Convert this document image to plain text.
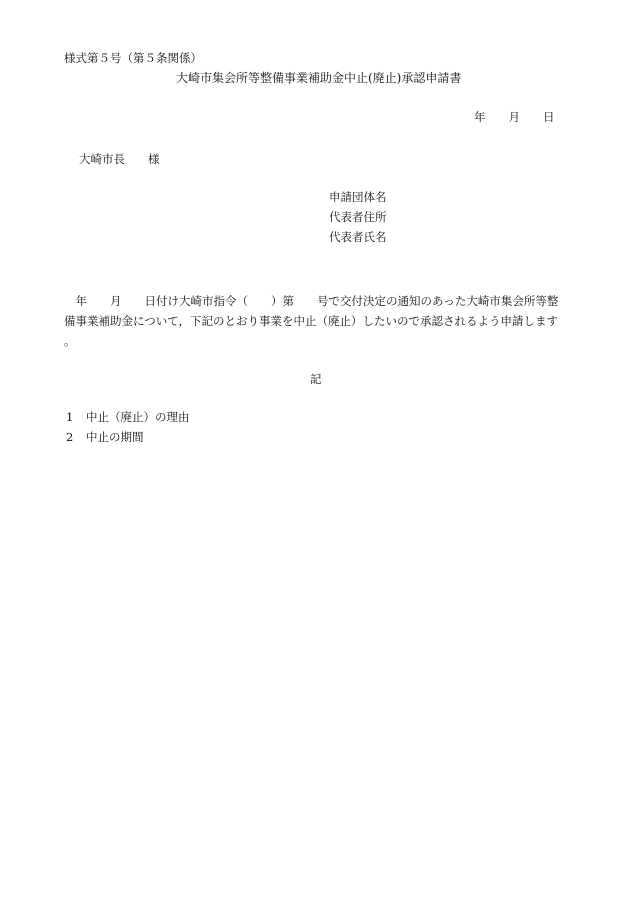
様式第５号（第５条関係）
大崎市集会所等整備事業補助金中止(廃止)承認申請書
年　　月　　日
大崎市長　　様
申請団体名
代表者住所
代表者氏名
　年　　月　　日付け大崎市指令（　　）第　　号で交付決定の通知のあった大崎市集会所等整
備事業補助金について，下記のとおり事業を中止（廃止）したいので承認されるよう申請します
。
記
1 中止（廃止）の理由
2 中止の期間
